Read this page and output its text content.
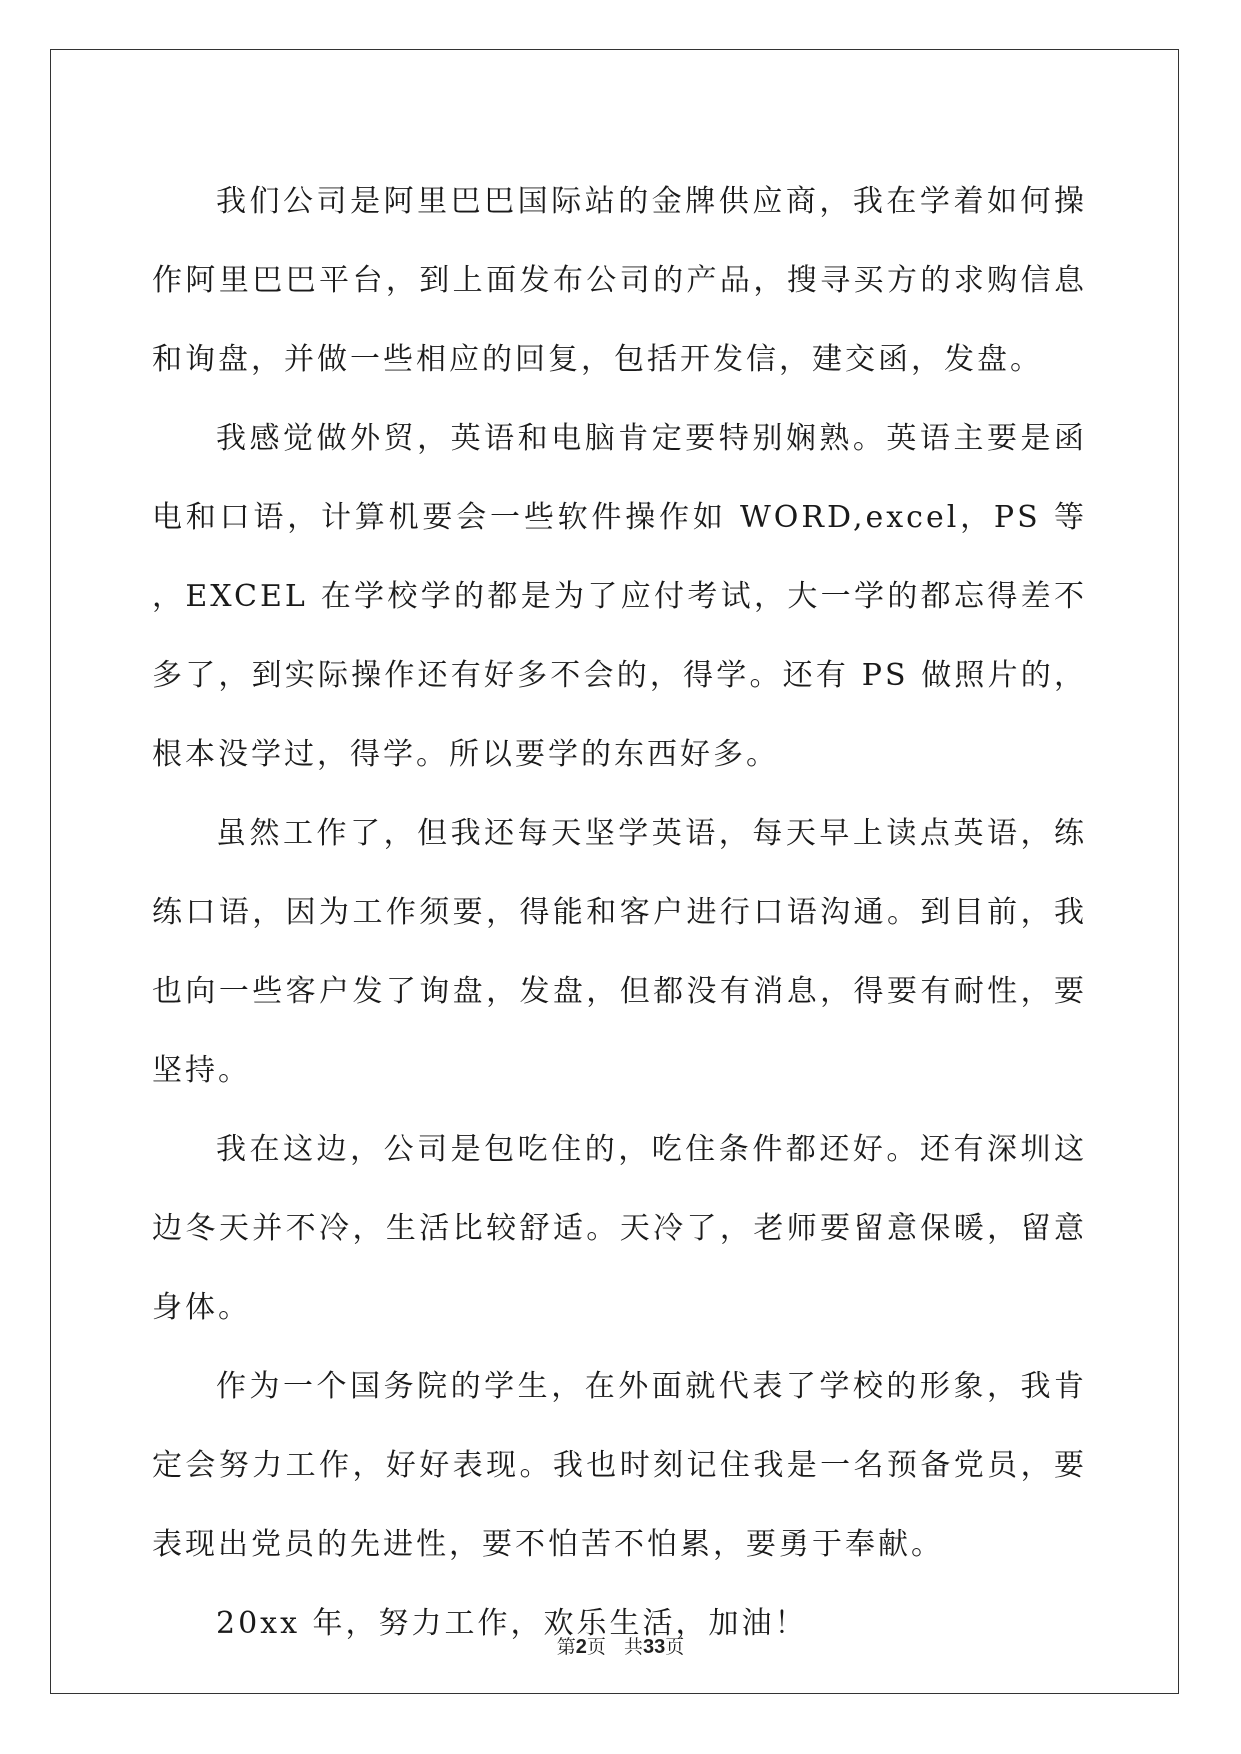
我们公司是阿里巴巴国际站的金牌供应商，我在学着如何操作阿里巴巴平台，到上面发布公司的产品，搜寻买方的求购信息和询盘，并做一些相应的回复，包括开发信，建交函，发盘。

我感觉做外贸，英语和电脑肯定要特别娴熟。英语主要是函电和口语，计算机要会一些软件操作如 WORD,excel，PS 等，EXCEL 在学校学的都是为了应付考试，大一学的都忘得差不多了，到实际操作还有好多不会的，得学。还有 PS 做照片的，根本没学过，得学。所以要学的东西好多。

虽然工作了，但我还每天坚学英语，每天早上读点英语，练练口语，因为工作须要，得能和客户进行口语沟通。到目前，我也向一些客户发了询盘，发盘，但都没有消息，得要有耐性，要坚持。

我在这边，公司是包吃住的，吃住条件都还好。还有深圳这边冬天并不冷，生活比较舒适。天冷了，老师要留意保暖，留意身体。

作为一个国务院的学生，在外面就代表了学校的形象，我肯定会努力工作，好好表现。我也时刻记住我是一名预备党员，要表现出党员的先进性，要不怕苦不怕累，要勇于奉献。

20xx 年，努力工作，欢乐生活，加油！

第2页 共33页
